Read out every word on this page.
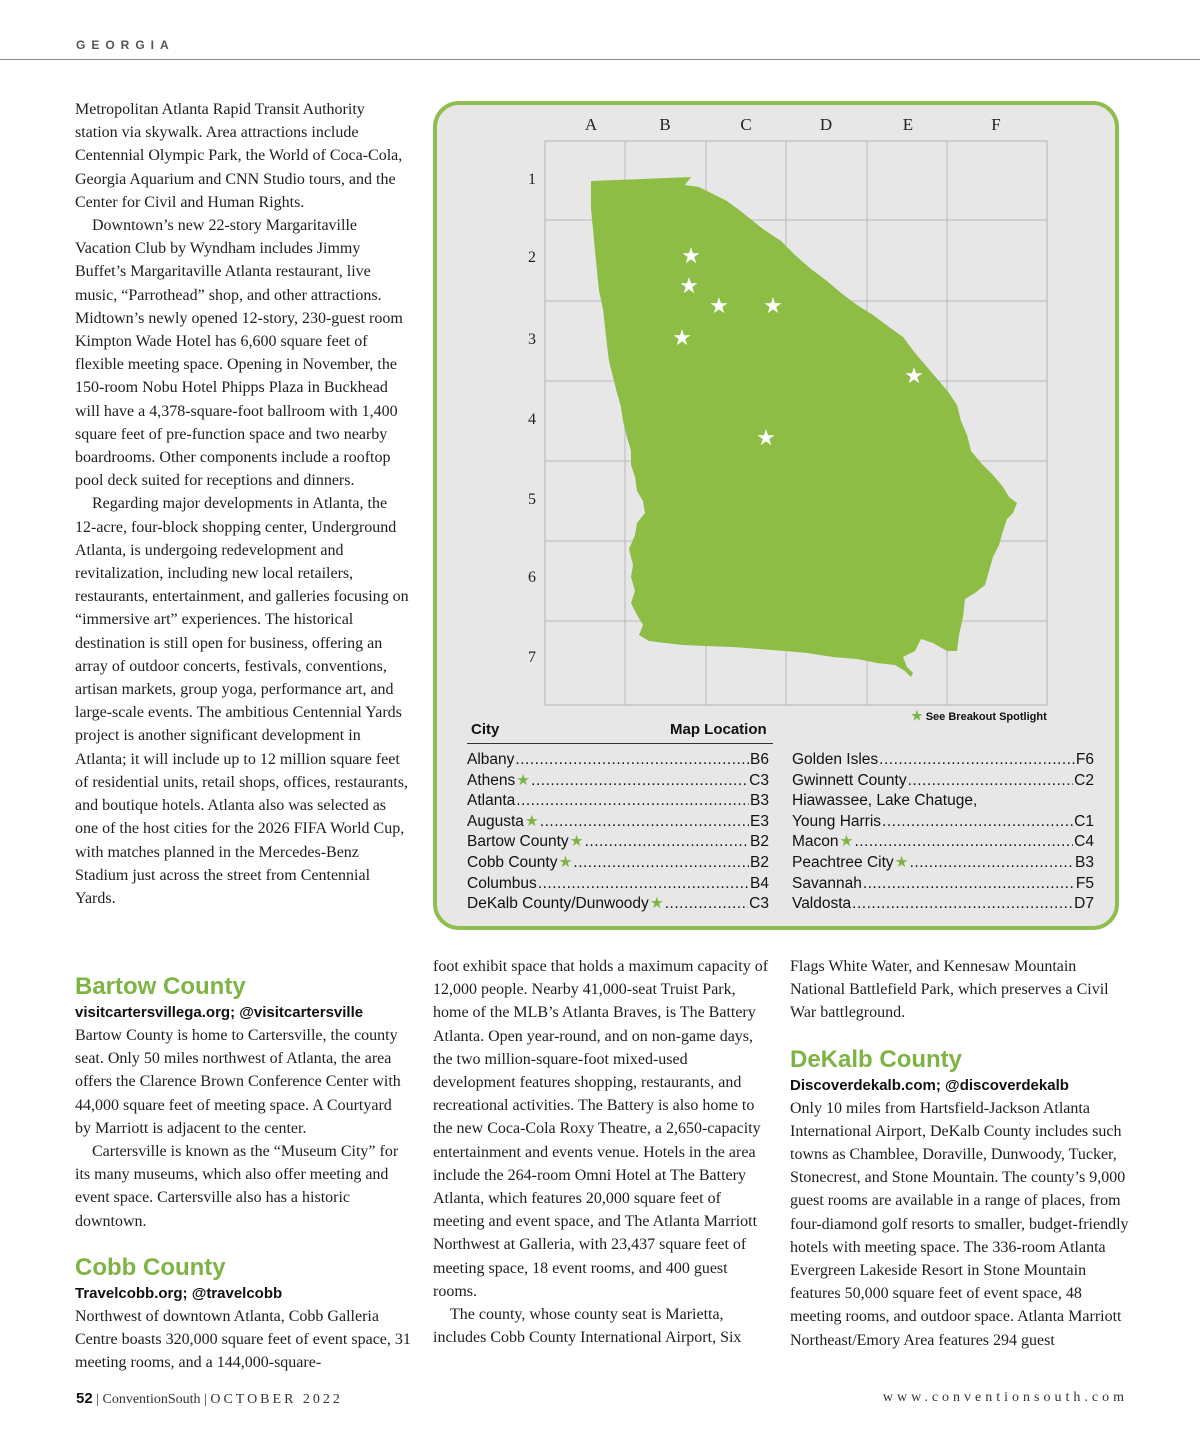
GEORGIA

Metropolitan Atlanta Rapid Transit Authority station via skywalk. Area attractions include Centennial Olympic Park, the World of Coca-Cola, Georgia Aquarium and CNN Studio tours, and the Center for Civil and Human Rights.

Downtown’s new 22-story Margaritaville Vacation Club by Wyndham includes Jimmy Buffet’s Margaritaville Atlanta restaurant, live music, “Parrothead” shop, and other attractions. Midtown’s newly opened 12-story, 230-guest room Kimpton Wade Hotel has 6,600 square feet of flexible meeting space. Opening in November, the 150-room Nobu Hotel Phipps Plaza in Buckhead will have a 4,378-square-foot ballroom with 1,400 square feet of pre-function space and two nearby boardrooms. Other components include a rooftop pool deck suited for receptions and dinners.

Regarding major developments in Atlanta, the 12-acre, four-block shopping center, Underground Atlanta, is undergoing redevelopment and revitalization, including new local retailers, restaurants, entertainment, and galleries focusing on “immersive art” experiences. The historical destination is still open for business, offering an array of outdoor concerts, festivals, conventions, artisan markets, group yoga, performance art, and large-scale events. The ambitious Centennial Yards project is another significant development in Atlanta; it will include up to 12 million square feet of residential units, retail shops, offices, restaurants, and boutique hotels. Atlanta also was selected as one of the host cities for the 2026 FIFA World Cup, with matches planned in the Mercedes-Benz Stadium just across the street from Centennial Yards.

Bartow County
visitcartersvillega.org; @visitcartersville

Bartow County is home to Cartersville, the county seat. Only 50 miles northwest of Atlanta, the area offers the Clarence Brown Conference Center with 44,000 square feet of meeting space. A Courtyard by Marriott is adjacent to the center.

Cartersville is known as the “Museum City” for its many museums, which also offer meeting and event space. Cartersville also has a historic downtown.

Cobb County
Travelcobb.org; @travelcobb

Northwest of downtown Atlanta, Cobb Galleria Centre boasts 320,000 square feet of event space, 31 meeting rooms, and a 144,000-square-

foot exhibit space that holds a maximum capacity of 12,000 people. Nearby 41,000-seat Truist Park, home of the MLB’s Atlanta Braves, is The Battery Atlanta. Open year-round, and on non-game days, the two million-square-foot mixed-used development features shopping, restaurants, and recreational activities. The Battery is also home to the new Coca-Cola Roxy Theatre, a 2,650-capacity entertainment and events venue. Hotels in the area include the 264-room Omni Hotel at The Battery Atlanta, which features 20,000 square feet of meeting and event space, and The Atlanta Marriott Northwest at Galleria, with 23,437 square feet of meeting space, 18 event rooms, and 400 guest rooms.

The county, whose county seat is Marietta, includes Cobb County International Airport, Six

Flags White Water, and Kennesaw Mountain National Battlefield Park, which preserves a Civil War battleground.

DeKalb County
Discoverdekalb.com; @discoverdekalb

Only 10 miles from Hartsfield-Jackson Atlanta International Airport, DeKalb County includes such towns as Chamblee, Doraville, Dunwoody, Tucker, Stonecrest, and Stone Mountain. The county’s 9,000 guest rooms are available in a range of places, from four-diamond golf resorts to smaller, budget-friendly hotels with meeting space. The 336-room Atlanta Evergreen Lakeside Resort in Stone Mountain features 50,000 square feet of event space, 48 meeting rooms, and outdoor space. Atlanta Marriott Northeast/Emory Area features 294 guest

A	B	C	D	E	F
1
2
3
4
5
6
7
★
★
★ ★
★
★
★
★ See Breakout Spotlight
City	Map Location
Albany .....	B6
Athens ★ .....	C3
Atlanta .....	B3
Augusta ★ .....	E3
Bartow County ★ .....	B2
Cobb County ★ .....	B2
Columbus .....	B4
DeKalb County/Dunwoody ★ .....	C3
Golden Isles .....	F6
Gwinnett County .....	C2
Hiawassee, Lake Chatuge,
Young Harris .....	C1
Macon ★ .....	C4
Peachtree City ★ .....	B3
Savannah .....	F5
Valdosta .....	D7
52 | ConventionSouth | OCTOBER 2022	www.conventionsouth.com
